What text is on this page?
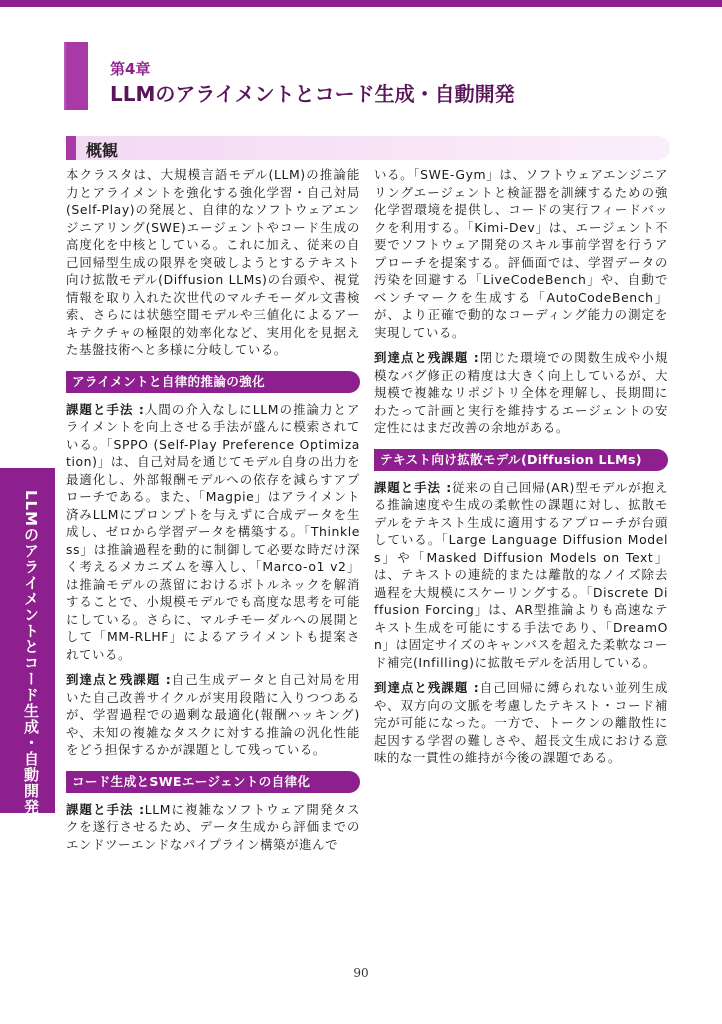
第4章
LLMのアライメントとコード生成・自動開発
概観
LLMのアライメントとコード生成・自動開発

本クラスタは、大規模言語モデル(LLM)の推論能力とアライメントを強化する強化学習・自己対局(Self-Play)の発展と、自律的なソフトウェアエンジニアリング(SWE)エージェントやコード生成の高度化を中核としている。これに加え、従来の自己回帰型生成の限界を突破しようとするテキスト向け拡散モデル(Diffusion LLMs)の台頭や、視覚情報を取り入れた次世代のマルチモーダル文書検索、さらには状態空間モデルや三値化によるアーキテクチャの極限的効率化など、実用化を見据えた基盤技術へと多様に分岐している。

アライメントと自律的推論の強化

課題と手法 :人間の介入なしにLLMの推論力とアライメントを向上させる手法が盛んに模索されている。「SPPO (Self-Play Preference Optimization)」は、自己対局を通じてモデル自身の出力を最適化し、外部報酬モデルへの依存を減らすアプローチである。また、「Magpie」はアライメント済みLLMにプロンプトを与えずに合成データを生成し、ゼロから学習データを構築する。「Thinkless」は推論過程を動的に制御して必要な時だけ深く考えるメカニズムを導入し、「Marco-o1 v2」は推論モデルの蒸留におけるボトルネックを解消することで、小規模モデルでも高度な思考を可能にしている。さらに、マルチモーダルへの展開として「MM-RLHF」によるアライメントも提案されている。

到達点と残課題 :自己生成データと自己対局を用いた自己改善サイクルが実用段階に入りつつあるが、学習過程での過剰な最適化(報酬ハッキング)や、未知の複雑なタスクに対する推論の汎化性能をどう担保するかが課題として残っている。

コード生成とSWEエージェントの自律化

課題と手法 :LLMに複雑なソフトウェア開発タスクを遂行させるため、データ生成から評価までのエンドツーエンドなパイプライン構築が進んで

いる。「SWE-Gym」は、ソフトウェアエンジニアリングエージェントと検証器を訓練するための強化学習環境を提供し、コードの実行フィードバックを利用する。「Kimi-Dev」は、エージェント不要でソフトウェア開発のスキル事前学習を行うアプローチを提案する。評価面では、学習データの汚染を回避する「LiveCodeBench」や、自動でベンチマークを生成する「AutoCodeBench」が、より正確で動的なコーディング能力の測定を実現している。

到達点と残課題 :閉じた環境での関数生成や小規模なバグ修正の精度は大きく向上しているが、大規模で複雑なリポジトリ全体を理解し、長期間にわたって計画と実行を維持するエージェントの安定性にはまだ改善の余地がある。

テキスト向け拡散モデル(Diffusion LLMs)

課題と手法 :従来の自己回帰(AR)型モデルが抱える推論速度や生成の柔軟性の課題に対し、拡散モデルをテキスト生成に適用するアプローチが台頭している。「Large Language Diffusion Models」や「Masked Diffusion Models on Text」は、テキストの連続的または離散的なノイズ除去過程を大規模にスケーリングする。「Discrete Diffusion Forcing」は、AR型推論よりも高速なテキスト生成を可能にする手法であり、「DreamOn」は固定サイズのキャンバスを超えた柔軟なコード補完(Infilling)に拡散モデルを活用している。

到達点と残課題 :自己回帰に縛られない並列生成や、双方向の文脈を考慮したテキスト・コード補完が可能になった。一方で、トークンの離散性に起因する学習の難しさや、超長文生成における意味的な一貫性の維持が今後の課題である。

90
